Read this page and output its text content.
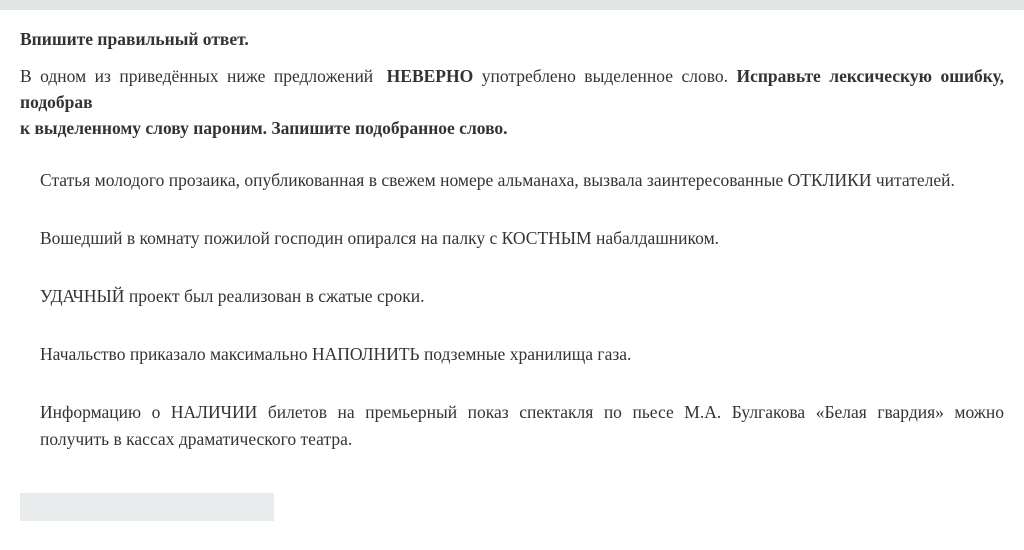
Впишите правильный ответ.
В одном из приведённых ниже предложений НЕВЕРНО употреблено выделенное слово. Исправьте лексическую ошибку,
подобрав
к выделенному слову пароним. Запишите подобранное слово.
Статья молодого прозаика, опубликованная в свежем номере альманаха, вызвала заинтересованные ОТКЛИКИ читателей.
Вошедший в комнату пожилой господин опирался на палку с КОСТНЫМ набалдашником.
УДАЧНЫЙ проект был реализован в сжатые сроки.
Начальство приказало максимально НАПОЛНИТЬ подземные хранилища газа.
Информацию о НАЛИЧИИ билетов на премьерный показ спектакля по пьесе М.А. Булгакова «Белая гвардия» можно
получить в кассах драматического театра.
